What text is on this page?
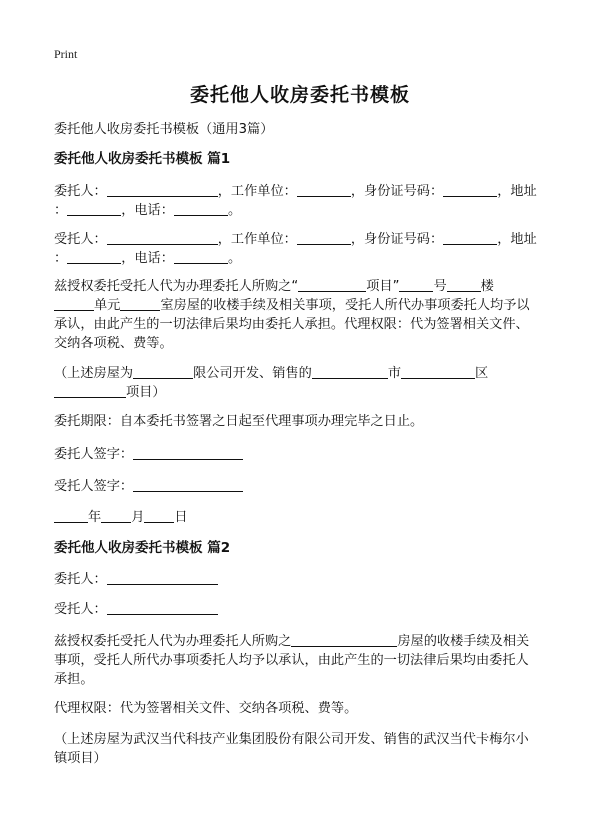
Print
委托他人收房委托书模板
委托他人收房委托书模板（通用3篇）
委托他人收房委托书模板 篇1
委托人：	，工作单位：	，身份证号码：	，地址
：	，电话：	。
受托人：	，工作单位：	，身份证号码：	，地址
：	，电话：	。
兹授权委托受托人代为办理委托人所购之“	项目”	号	楼
单元	室房屋的收楼手续及相关事项，受托人所代办事项委托人均予以
承认，由此产生的一切法律后果均由委托人承担。代理权限：代为签署相关文件、
交纳各项税、费等。
（上述房屋为	限公司开发、销售的	市	区
项目）
委托期限：自本委托书签署之日起至代理事项办理完毕之日止。
委托人签字：
受托人签字：
年 月 日
委托他人收房委托书模板 篇2
委托人：
受托人：
兹授权委托受托人代为办理委托人所购之	房屋的收楼手续及相关
事项，受托人所代办事项委托人均予以承认，由此产生的一切法律后果均由委托人
承担。
代理权限：代为签署相关文件、交纳各项税、费等。
（上述房屋为武汉当代科技产业集团股份有限公司开发、销售的武汉当代卡梅尔小
镇项目）
